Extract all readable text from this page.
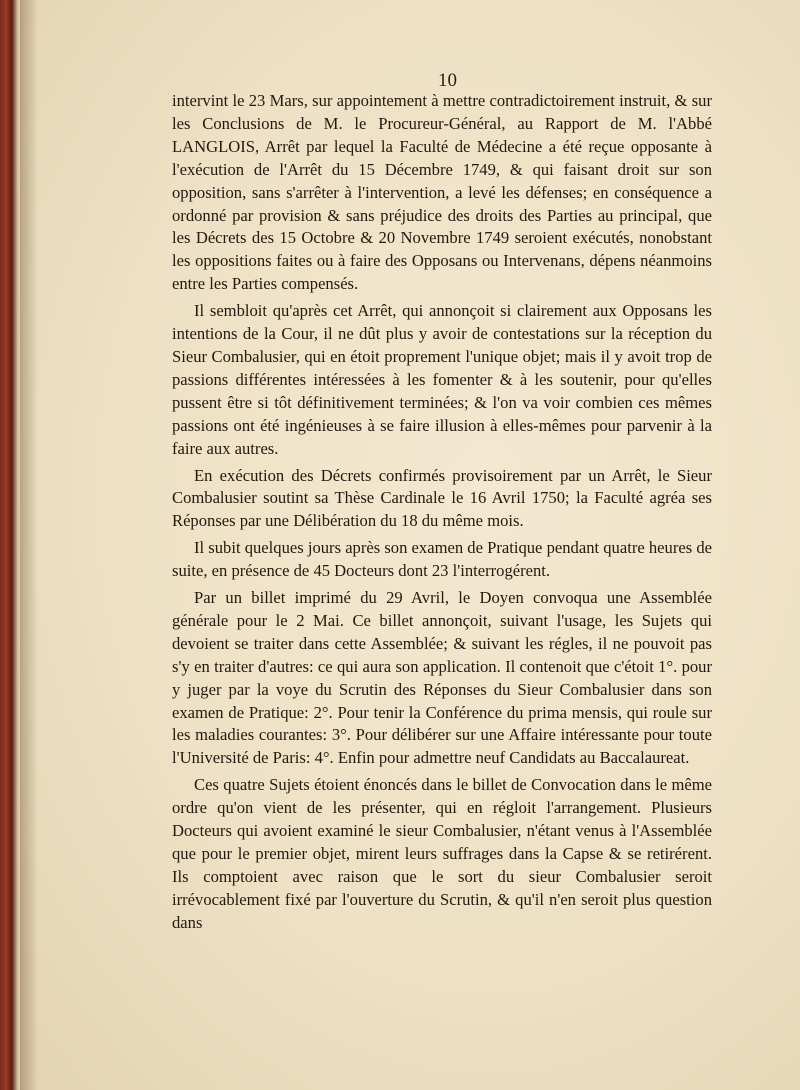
10

intervint le 23 Mars, sur appointement à mettre contradictoirement instruit, & sur les Conclusions de M. le Procureur-Général, au Rapport de M. l'Abbé LANGLOIS, Arrêt par lequel la Faculté de Médecine a été reçue opposante à l'exécution de l'Arrêt du 15 Décembre 1749, & qui faisant droit sur son opposition, sans s'arrêter à l'intervention, a levé les défenses; en conséquence a ordonné par provision & sans préjudice des droits des Parties au principal, que les Décrets des 15 Octobre & 20 Novembre 1749 seroient exécutés, nonobstant les oppositions faites ou à faire des Opposans ou Intervenans, dépens néanmoins entre les Parties compensés.

Il sembloit qu'après cet Arrêt, qui annonçoit si clairement aux Opposans les intentions de la Cour, il ne dût plus y avoir de contestations sur la réception du Sieur Combalusier, qui en étoit proprement l'unique objet; mais il y avoit trop de passions différentes intéressées à les fomenter & à les soutenir, pour qu'elles pussent être si tôt définitivement terminées; & l'on va voir combien ces mêmes passions ont été ingénieuses à se faire illusion à elles-mêmes pour parvenir à la faire aux autres.

En exécution des Décrets confirmés provisoirement par un Arrêt, le Sieur Combalusier soutint sa Thèse Cardinale le 16 Avril 1750; la Faculté agréa ses Réponses par une Délibération du 18 du même mois.

Il subit quelques jours après son examen de Pratique pendant quatre heures de suite, en présence de 45 Docteurs dont 23 l'interrogérent.

Par un billet imprimé du 29 Avril, le Doyen convoqua une Assemblée générale pour le 2 Mai. Ce billet annonçoit, suivant l'usage, les Sujets qui devoient se traiter dans cette Assemblée; & suivant les régles, il ne pouvoit pas s'y en traiter d'autres: ce qui aura son application. Il contenoit que c'étoit 1°. pour y juger par la voye du Scrutin des Réponses du Sieur Combalusier dans son examen de Pratique: 2°. Pour tenir la Conférence du prima mensis, qui roule sur les maladies courantes: 3°. Pour délibérer sur une Affaire intéressante pour toute l'Université de Paris: 4°. Enfin pour admettre neuf Candidats au Baccalaureat.

Ces quatre Sujets étoient énoncés dans le billet de Convocation dans le même ordre qu'on vient de les présenter, qui en régloit l'arrangement. Plusieurs Docteurs qui avoient examiné le sieur Combalusier, n'étant venus à l'Assemblée que pour le premier objet, mirent leurs suffrages dans la Capse & se retirérent. Ils comptoient avec raison que le sort du sieur Combalusier seroit irrévocablement fixé par l'ouverture du Scrutin, & qu'il n'en seroit plus question dans
